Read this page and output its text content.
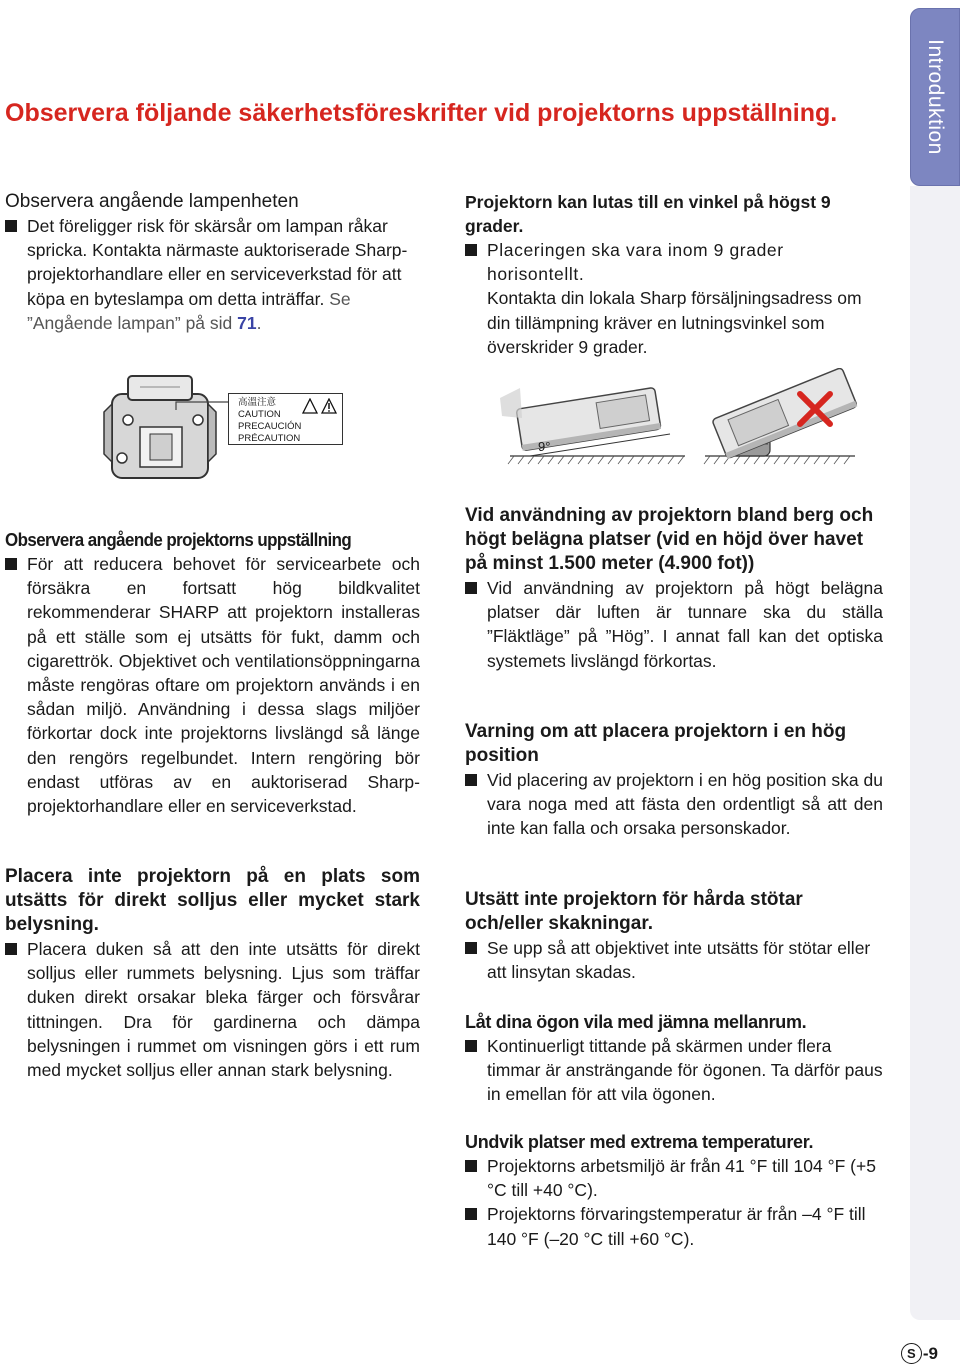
Introduktion
Observera följande säkerhetsföreskrifter vid projektorns uppställning.
Observera angående lampenheten
Det föreligger risk för skärsår om lampan råkar spricka. Kontakta närmaste auktoriserade Sharp-projektorhandlare eller en serviceverkstad för att köpa en byteslampa om detta inträffar. Se ”Angående lampan” på sid 71.
Projektorn kan lutas till en vinkel på högst 9 grader.
Placeringen ska vara inom 9 grader horisontellt.
Kontakta din lokala Sharp försäljningsadress om din tillämpning kräver en lutningsvinkel som överskrider 9 grader.
高溫注意
CAUTION
PRECAUCIÓN
PRÉCAUTION
9°
Observera angående projektorns uppställning
För att reducera behovet för servicearbete och försäkra en fortsatt hög bildkvalitet rekommenderar SHARP att projektorn installeras på ett ställe som ej utsätts för fukt, damm och cigarettrök. Objektivet och ventilationsöppningarna måste rengöras oftare om projektorn används i en sådan miljö. Användning i dessa slags miljöer förkortar dock inte projektorns livslängd så länge den rengörs regelbundet. Intern rengöring bör endast utföras av en auktoriserad Sharp-projektorhandlare eller en serviceverkstad.
Placera inte projektorn på en plats som utsätts för direkt solljus eller mycket stark belysning.
Placera duken så att den inte utsätts för direkt solljus eller rummets belysning. Ljus som träffar duken direkt orsakar bleka färger och försvårar tittningen. Dra för gardinerna och dämpa belysningen i rummet om visningen görs i ett rum med mycket solljus eller annan stark belysning.
Vid användning av projektorn bland berg och högt belägna platser (vid en höjd över havet på minst 1.500 meter (4.900 fot))
Vid användning av projektorn på högt belägna platser där luften är tunnare ska du ställa ”Fläktläge” på ”Hög”. I annat fall kan det optiska systemets livslängd förkortas.
Varning om att placera projektorn i en hög position
Vid placering av projektorn i en hög position ska du vara noga med att fästa den ordentligt så att den inte kan falla och orsaka personskador.
Utsätt inte projektorn för hårda stötar och/eller skakningar.
Se upp så att objektivet inte utsätts för stötar eller att linsytan skadas.
Låt dina ögon vila med jämna mellanrum.
Kontinuerligt tittande på skärmen under flera timmar är ansträngande för ögonen. Ta därför paus in emellan för att vila ögonen.
Undvik platser med extrema temperaturer.
Projektorns arbetsmiljö är från 41 °F till 104 °F (+5 °C till +40 °C).
Projektorns förvaringstemperatur är från –4 °F till 140 °F (–20 °C till +60 °C).
S -9
